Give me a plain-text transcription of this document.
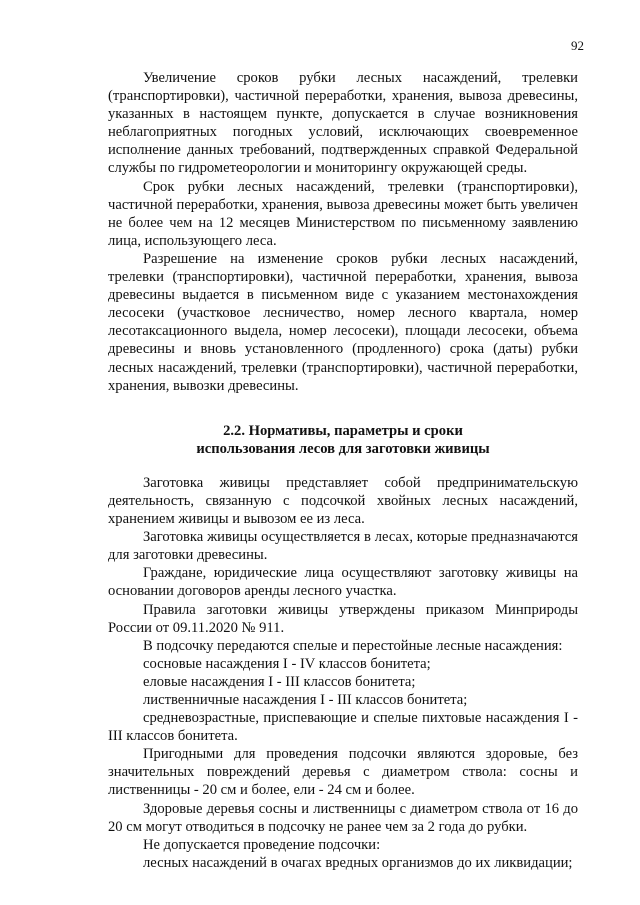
92

Увеличение сроков рубки лесных насаждений, трелевки (транспортировки), частичной переработки, хранения, вывоза древесины, указанных в настоящем пункте, допускается в случае возникновения неблагоприятных погодных условий, исключающих своевременное исполнение данных требований, подтвержденных справкой Федеральной службы по гидрометеорологии и мониторингу окружающей среды.

Срок рубки лесных насаждений, трелевки (транспортировки), частичной переработки, хранения, вывоза древесины может быть увеличен не более чем на 12 месяцев Министерством по письменному заявлению лица, использующего леса.

Разрешение на изменение сроков рубки лесных насаждений, трелевки (транспортировки), частичной переработки, хранения, вывоза древесины выдается в письменном виде с указанием местонахождения лесосеки (участковое лесничество, номер лесного квартала, номер лесотаксационного выдела, номер лесосеки), площади лесосеки, объема древесины и вновь установленного (продленного) срока (даты) рубки лесных насаждений, трелевки (транспортировки), частичной переработки, хранения, вывозки древесины.

2.2. Нормативы, параметры и сроки
использования лесов для заготовки живицы

Заготовка живицы представляет собой предпринимательскую деятельность, связанную с подсочкой хвойных лесных насаждений, хранением живицы и вывозом ее из леса.

Заготовка живицы осуществляется в лесах, которые предназначаются для заготовки древесины.

Граждане, юридические лица осуществляют заготовку живицы на основании договоров аренды лесного участка.

Правила заготовки живицы утверждены приказом Минприроды России от 09.11.2020 № 911.

В подсочку передаются спелые и перестойные лесные насаждения:

сосновые насаждения I - IV классов бонитета;

еловые насаждения I - III классов бонитета;

лиственничные насаждения I - III классов бонитета;

средневозрастные, приспевающие и спелые пихтовые насаждения I - III классов бонитета.

Пригодными для проведения подсочки являются здоровые, без значительных повреждений деревья с диаметром ствола: сосны и лиственницы - 20 см и более, ели - 24 см и более.

Здоровые деревья сосны и лиственницы с диаметром ствола от 16 до 20 см могут отводиться в подсочку не ранее чем за 2 года до рубки.

Не допускается проведение подсочки:

лесных насаждений в очагах вредных организмов до их ликвидации;
